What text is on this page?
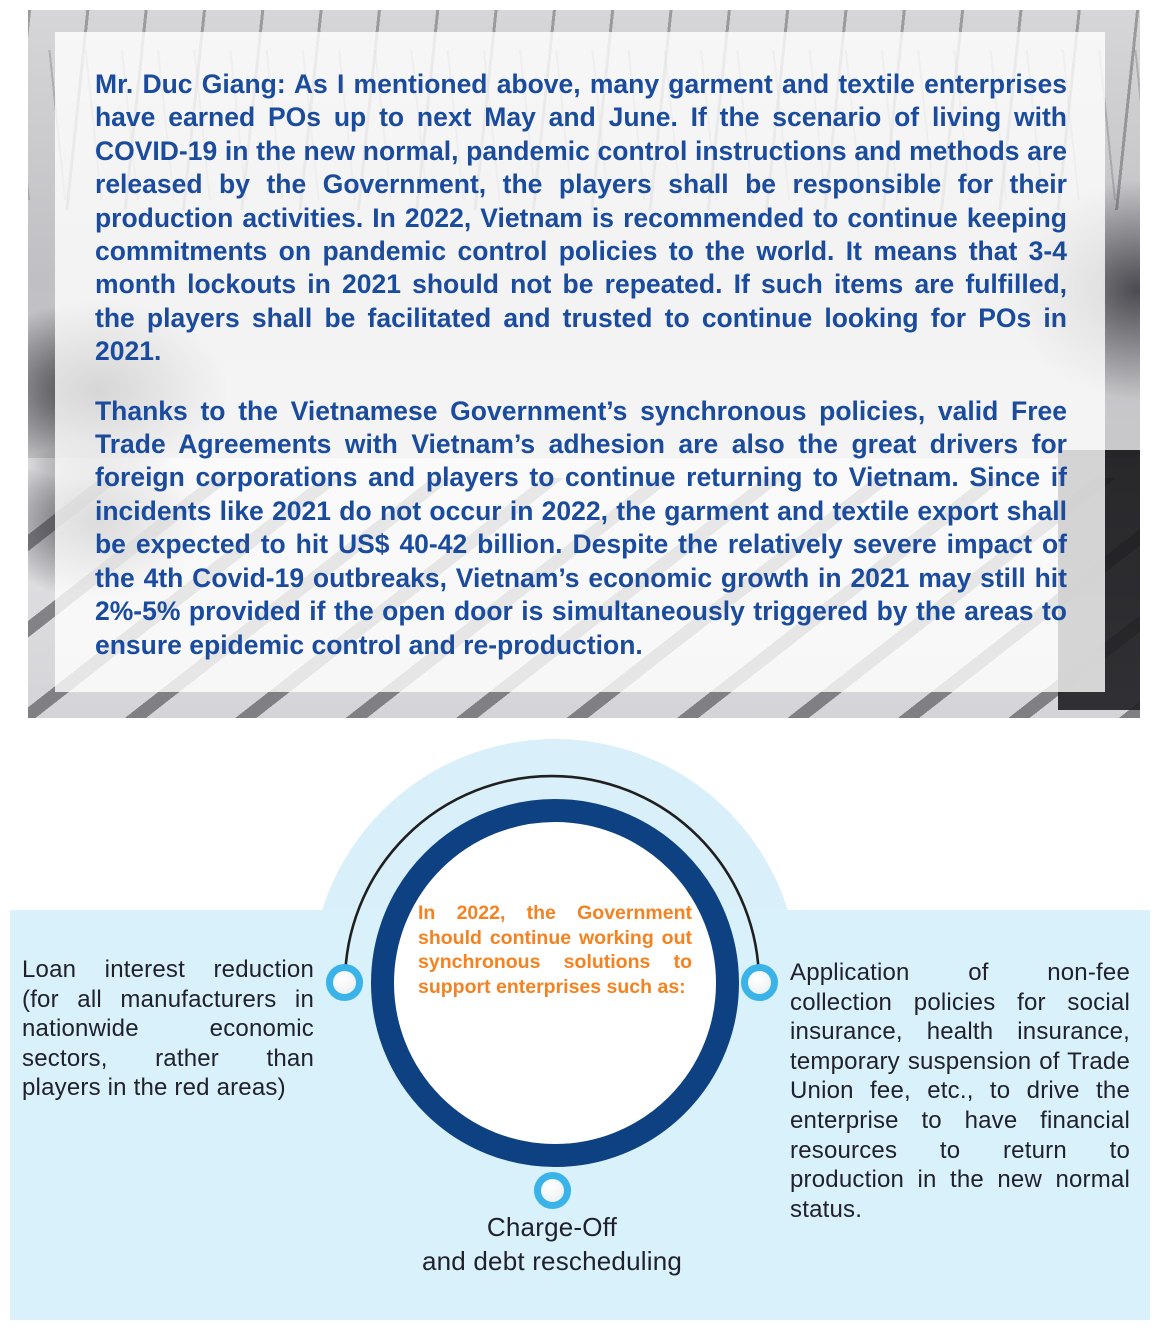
Mr. Duc Giang: As I mentioned above, many garment and textile enterprises have earned POs up to next May and June. If the scenario of living with COVID-19 in the new normal, pandemic control instructions and methods are released by the Government, the players shall be responsible for their production activities. In 2022, Vietnam is recommended to continue keeping commitments on pandemic control policies to the world. It means that 3-4 month lockouts in 2021 should not be repeated. If such items are fulfilled, the players shall be facilitated and trusted to continue looking for POs in 2021.

Thanks to the Vietnamese Government’s synchronous policies, valid Free Trade Agreements with Vietnam’s adhesion are also the great drivers for foreign corporations and players to continue returning to Vietnam. Since if incidents like 2021 do not occur in 2022, the garment and textile export shall be expected to hit US$ 40-42 billion. Despite the relatively severe impact of the 4th Covid-19 outbreaks, Vietnam’s economic growth in 2021 may still hit 2%-5% provided if the open door is simultaneously triggered by the areas to ensure epidemic control and re-production.

In 2022, the Government should continue working out synchronous solutions to support enterprises such as:
Loan interest reduction (for all manufacturers in nationwide economic sectors, rather than players in the red areas)
Application of non-fee collection policies for social insurance, health insurance, temporary suspension of Trade Union fee, etc., to drive the enterprise to have financial resources to return to production in the new normal status.
Charge-Off
and debt rescheduling
